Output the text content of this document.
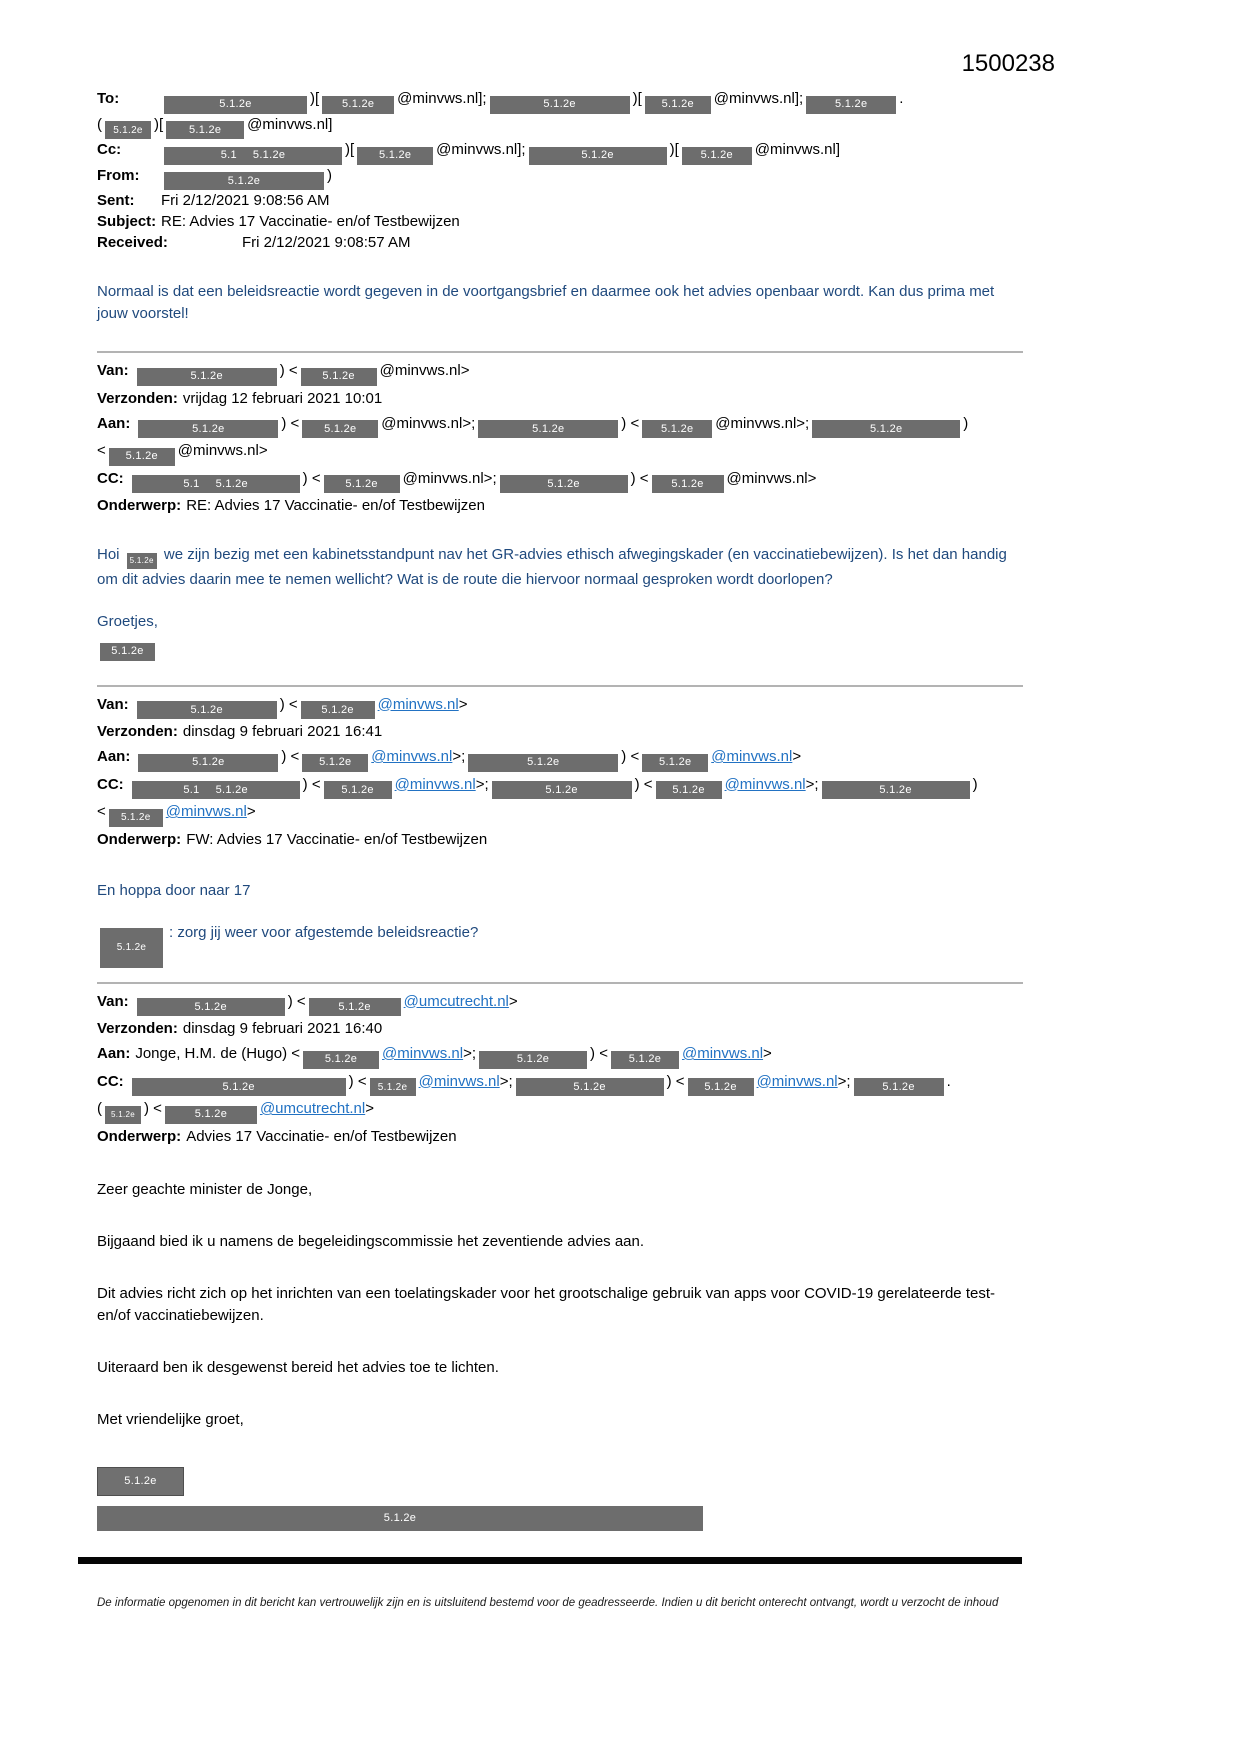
1500238
To:	5.1.2e	)[ 5.1.2e @minvws.nl];	5.1.2e	)[ 5.1.2e @minvws.nl];	5.1.2e .
( 5.1.2e )[ 5.1.2e @minvws.nl]
Cc:	5.1 5.1.2e	)[ 5.1.2e @minvws.nl];	5.1.2e	)[ 5.1.2e @minvws.nl]
From:	5.1.2e	)
Sent: Fri 2/12/2021 9:08:56 AM
Subject: RE: Advies 17 Vaccinatie- en/of Testbewijzen
Received:	Fri 2/12/2021 9:08:57 AM

Normaal is dat een beleidsreactie wordt gegeven in de voortgangsbrief en daarmee ook het advies openbaar wordt. Kan dus prima met jouw voorstel!

Van:	5.1.2e	) < 5.1.2e @minvws.nl>
Verzonden: vrijdag 12 februari 2021 10:01
Aan:	5.1.2e	) < 5.1.2e @minvws.nl>;	5.1.2e	) < 5.1.2e @minvws.nl>;	5.1.2e	)
< 5.1.2e @minvws.nl>
CC:	5.1 5.1.2e	) < 5.1.2e @minvws.nl>;	5.1.2e	) < 5.1.2e @minvws.nl>
Onderwerp: RE: Advies 17 Vaccinatie- en/of Testbewijzen

Hoi 5.1.2e we zijn bezig met een kabinetsstandpunt nav het GR-advies ethisch afwegingskader (en vaccinatiebewijzen). Is het dan handig om dit advies daarin mee te nemen wellicht? Wat is de route die hiervoor normaal gesproken wordt doorlopen?

Groetjes,

5.1.2e
Van:	5.1.2e	) < 5.1.2e @minvws.nl>
Verzonden: dinsdag 9 februari 2021 16:41
Aan:	5.1.2e	) < 5.1.2e @minvws.nl>;	5.1.2e	) < 5.1.2e @minvws.nl>
CC:	5.1 5.1.2e	) < 5.1.2e @minvws.nl>;	5.1.2e	) < 5.1.2e @minvws.nl>;	5.1.2e	)
< 5.1.2e @minvws.nl>
Onderwerp: FW: Advies 17 Vaccinatie- en/of Testbewijzen

En hoppa door naar 17

5.1.2e: zorg jij weer voor afgestemde beleidsreactie?
Van:	5.1.2e	) <	5.1.2e @umcutrecht.nl>
Verzonden: dinsdag 9 februari 2021 16:40
Aan: Jonge, H.M. de (Hugo) < 5.1.2e @minvws.nl>;	5.1.2e	) < 5.1.2e @minvws.nl>
CC:	5.1.2e	) < 5.1.2e @minvws.nl>;	5.1.2e	) < 5.1.2e @minvws.nl>;	5.1.2e .
( 5.1.2e ) <	5.1.2e @umcutrecht.nl>
Onderwerp: Advies 17 Vaccinatie- en/of Testbewijzen

Zeer geachte minister de Jonge,

Bijgaand bied ik u namens de begeleidingscommissie het zeventiende advies aan.

Dit advies richt zich op het inrichten van een toelatingskader voor het grootschalige gebruik van apps voor COVID-19 gerelateerde test- en/of vaccinatiebewijzen.

Uiteraard ben ik desgewenst bereid het advies toe te lichten.

Met vriendelijke groet,

5.1.2e
5.1.2e

De informatie opgenomen in dit bericht kan vertrouwelijk zijn en is uitsluitend bestemd voor de geadresseerde. Indien u dit bericht onterecht ontvangt, wordt u verzocht de inhoud
